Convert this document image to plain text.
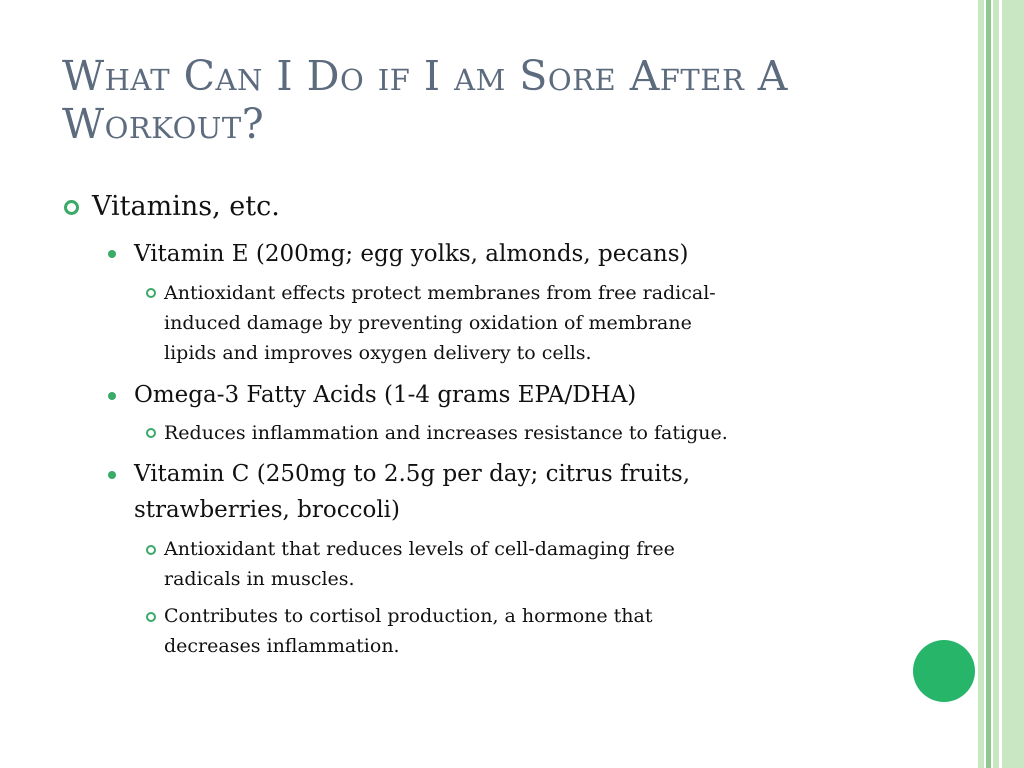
What Can I Do if I am Sore After A Workout?
Vitamins, etc.
Vitamin E (200mg; egg yolks, almonds, pecans)
Antioxidant effects protect membranes from free radical-
induced damage by preventing oxidation of membrane
lipids and improves oxygen delivery to cells.
Omega-3 Fatty Acids (1-4 grams EPA/DHA)
Reduces inflammation and increases resistance to fatigue.
Vitamin C (250mg to 2.5g per day; citrus fruits,
strawberries, broccoli)
Antioxidant that reduces levels of cell-damaging free
radicals in muscles.
Contributes to cortisol production, a hormone that
decreases inflammation.
